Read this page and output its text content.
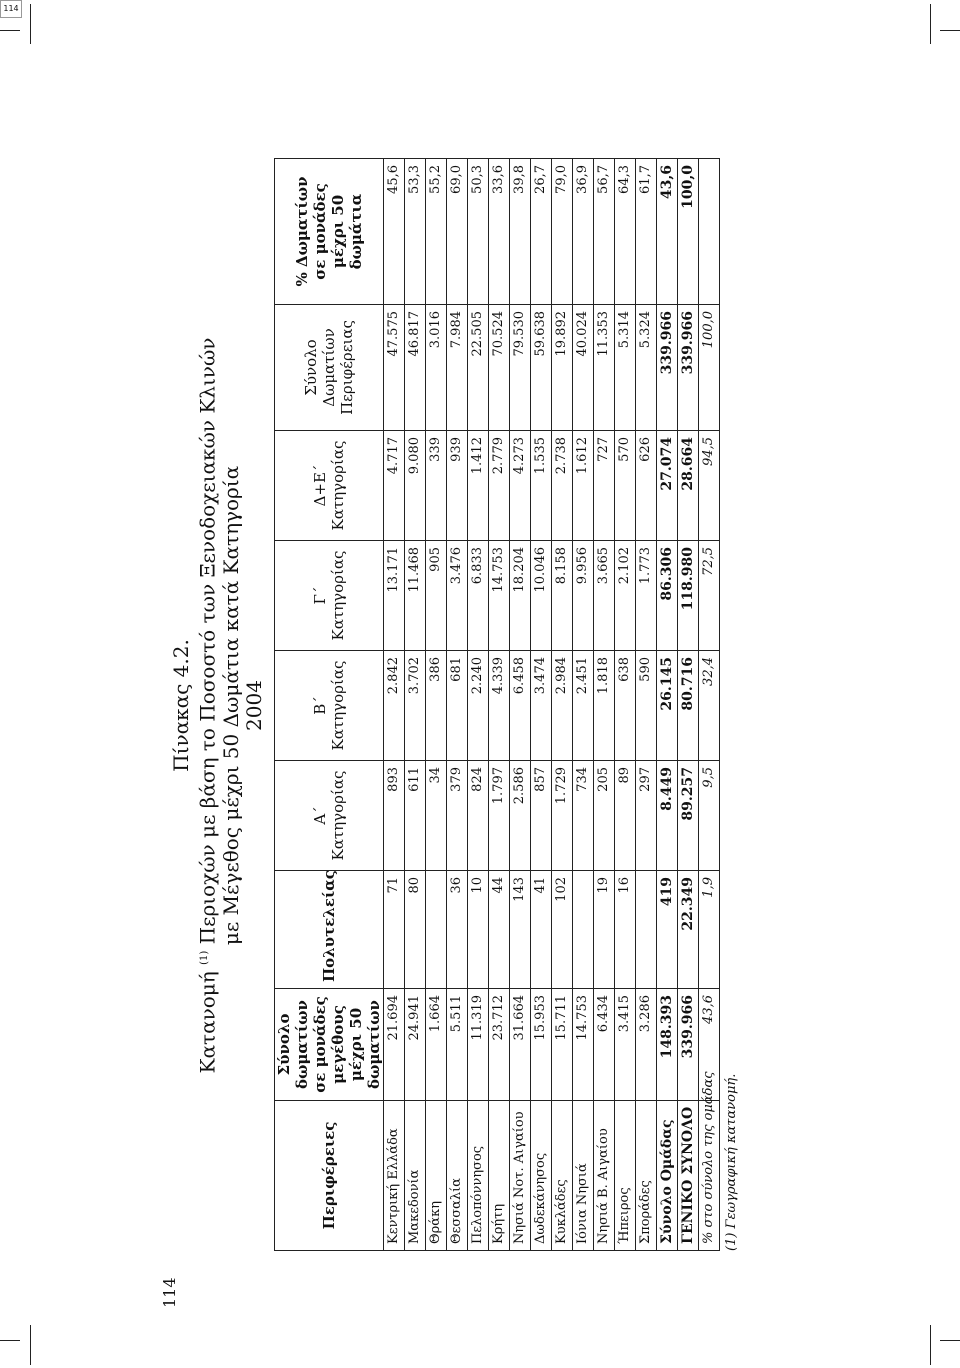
114
114
Πίνακας 4.2.
Κατανομή $^{(1)}$ Περιοχών με βάση το Ποσοστό των Ξενοδοχειακών Κλινών με Μέγεθος μέχρι 50 Δωμάτια κατά Κατηγορία 2004
Περιφέρειες	Σύνολο δωματίων σε μονάδες μεγέθους μέχρι 50 δωματίων	Πολυτελείας	Α΄ Κατηγορίας	Β΄ Κατηγορίας	Γ΄ Κατηγορίας	Δ+Ε΄ Κατηγορίας	Σύνολο Δωματίων Περιφέρειας	% Δωματίων σε μονάδες μέχρι 50 δωμάτια
Κεντρική Ελλάδα	21.694	71	893	2.842	13.171	4.717	47.575	45,6
Μακεδονία	24.941	80	611	3.702	11.468	9.080	46.817	53,3
Θράκη	1.664		34	386	905	339	3.016	55,2
Θεσσαλία	5.511	36	379	681	3.476	939	7.984	69,0
Πελοπόννησος	11.319	10	824	2.240	6.833	1.412	22.505	50,3
Κρήτη	23.712	44	1.797	4.339	14.753	2.779	70.524	33,6
Νησιά Νοτ. Αιγαίου	31.664	143	2.586	6.458	18.204	4.273	79.530	39,8
Δωδεκάνησος	15.953	41	857	3.474	10.046	1.535	59.638	26,7
Κυκλάδες	15.711	102	1.729	2.984	8.158	2.738	19.892	79,0
Ιόνια Νησιά	14.753		734	2.451	9.956	1.612	40.024	36,9
Νησιά Β. Αιγαίου	6.434	19	205	1.818	3.665	727	11.353	56,7
Ήπειρος	3.415	16	89	638	2.102	570	5.314	64,3
Σποράδες	3.286		297	590	1.773	626	5.324	61,7
Σύνολο Ομάδας	148.393	419	8.449	26.145	86.306	27.074	339.966	43,6
ΓΕΝΙΚΟ ΣΥΝΟΛΟ	339.966	22.349	89.257	80.716	118.980	28.664	339.966	100,0
% στο σύνολο της ομάδας	43,6	1,9	9,5	32,4	72,5	94,5	100,0	
(1) Γεωγραφική κατανομή.
